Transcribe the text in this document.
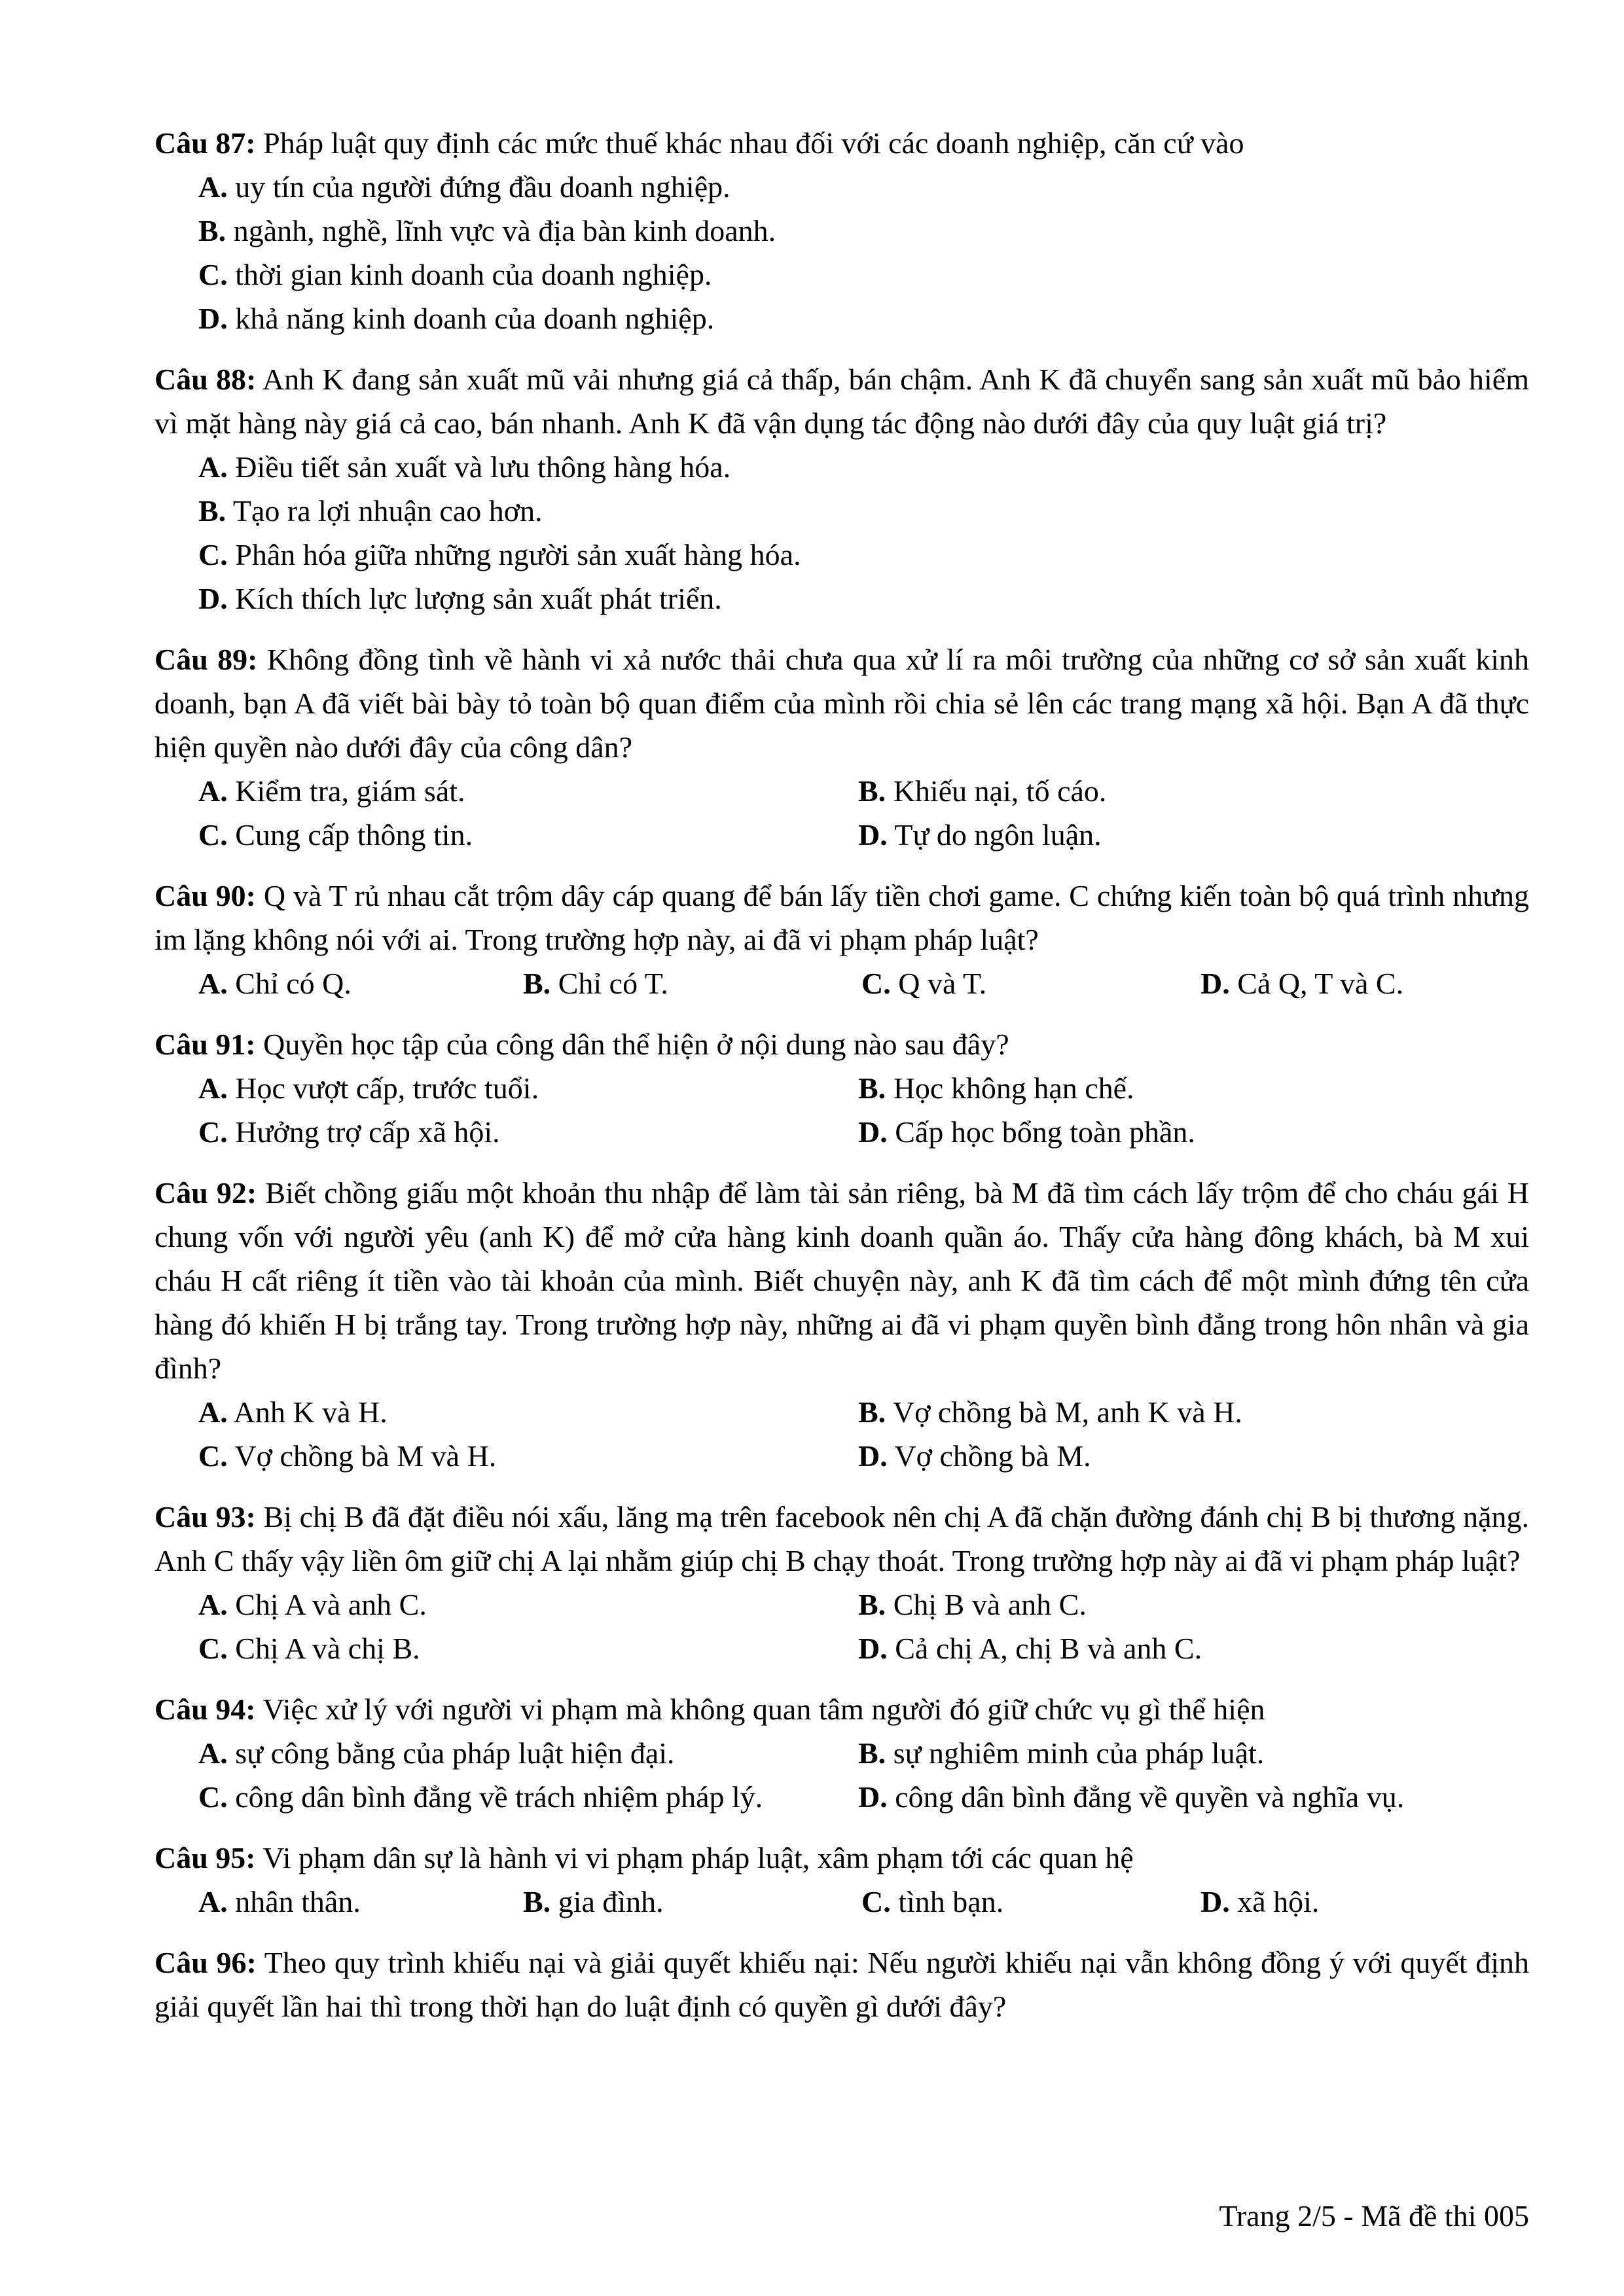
Câu 87: Pháp luật quy định các mức thuế khác nhau đối với các doanh nghiệp, căn cứ vào

A. uy tín của người đứng đầu doanh nghiệp.
B. ngành, nghề, lĩnh vực và địa bàn kinh doanh.
C. thời gian kinh doanh của doanh nghiệp.
D. khả năng kinh doanh của doanh nghiệp.

Câu 88: Anh K đang sản xuất mũ vải nhưng giá cả thấp, bán chậm. Anh K đã chuyển sang sản xuất mũ bảo hiểm vì mặt hàng này giá cả cao, bán nhanh. Anh K đã vận dụng tác động nào dưới đây của quy luật giá trị?

A. Điều tiết sản xuất và lưu thông hàng hóa.
B. Tạo ra lợi nhuận cao hơn.
C. Phân hóa giữa những người sản xuất hàng hóa.
D. Kích thích lực lượng sản xuất phát triển.

Câu 89: Không đồng tình về hành vi xả nước thải chưa qua xử lí ra môi trường của những cơ sở sản xuất kinh doanh, bạn A đã viết bài bày tỏ toàn bộ quan điểm của mình rồi chia sẻ lên các trang mạng xã hội. Bạn A đã thực hiện quyền nào dưới đây của công dân?

A. Kiểm tra, giám sát.	B. Khiếu nại, tố cáo.
C. Cung cấp thông tin.	D. Tự do ngôn luận.

Câu 90: Q và T rủ nhau cắt trộm dây cáp quang để bán lấy tiền chơi game. C chứng kiến toàn bộ quá trình nhưng im lặng không nói với ai. Trong trường hợp này, ai đã vi phạm pháp luật?

A. Chỉ có Q.	B. Chỉ có T.	C. Q và T.	D. Cả Q, T và C.

Câu 91: Quyền học tập của công dân thể hiện ở nội dung nào sau đây?

A. Học vượt cấp, trước tuổi.	B. Học không hạn chế.
C. Hưởng trợ cấp xã hội.	D. Cấp học bổng toàn phần.

Câu 92: Biết chồng giấu một khoản thu nhập để làm tài sản riêng, bà M đã tìm cách lấy trộm để cho cháu gái H chung vốn với người yêu (anh K) để mở cửa hàng kinh doanh quần áo. Thấy cửa hàng đông khách, bà M xui cháu H cất riêng ít tiền vào tài khoản của mình. Biết chuyện này, anh K đã tìm cách để một mình đứng tên cửa hàng đó khiến H bị trắng tay. Trong trường hợp này, những ai đã vi phạm quyền bình đẳng trong hôn nhân và gia đình?

A. Anh K và H.	B. Vợ chồng bà M, anh K và H.
C. Vợ chồng bà M và H.	D. Vợ chồng bà M.

Câu 93: Bị chị B đã đặt điều nói xấu, lăng mạ trên facebook nên chị A đã chặn đường đánh chị B bị thương nặng. Anh C thấy vậy liền ôm giữ chị A lại nhằm giúp chị B chạy thoát. Trong trường hợp này ai đã vi phạm pháp luật?

A. Chị A và anh C.	B. Chị B và anh C.
C. Chị A và chị B.	D. Cả chị A, chị B và anh C.

Câu 94: Việc xử lý với người vi phạm mà không quan tâm người đó giữ chức vụ gì thể hiện

A. sự công bằng của pháp luật hiện đại.	B. sự nghiêm minh của pháp luật.
C. công dân bình đẳng về trách nhiệm pháp lý.	D. công dân bình đẳng về quyền và nghĩa vụ.

Câu 95: Vi phạm dân sự là hành vi vi phạm pháp luật, xâm phạm tới các quan hệ

A. nhân thân.	B. gia đình.	C. tình bạn.	D. xã hội.

Câu 96: Theo quy trình khiếu nại và giải quyết khiếu nại: Nếu người khiếu nại vẫn không đồng ý với quyết định giải quyết lần hai thì trong thời hạn do luật định có quyền gì dưới đây?

Trang 2/5 - Mã đề thi 005
